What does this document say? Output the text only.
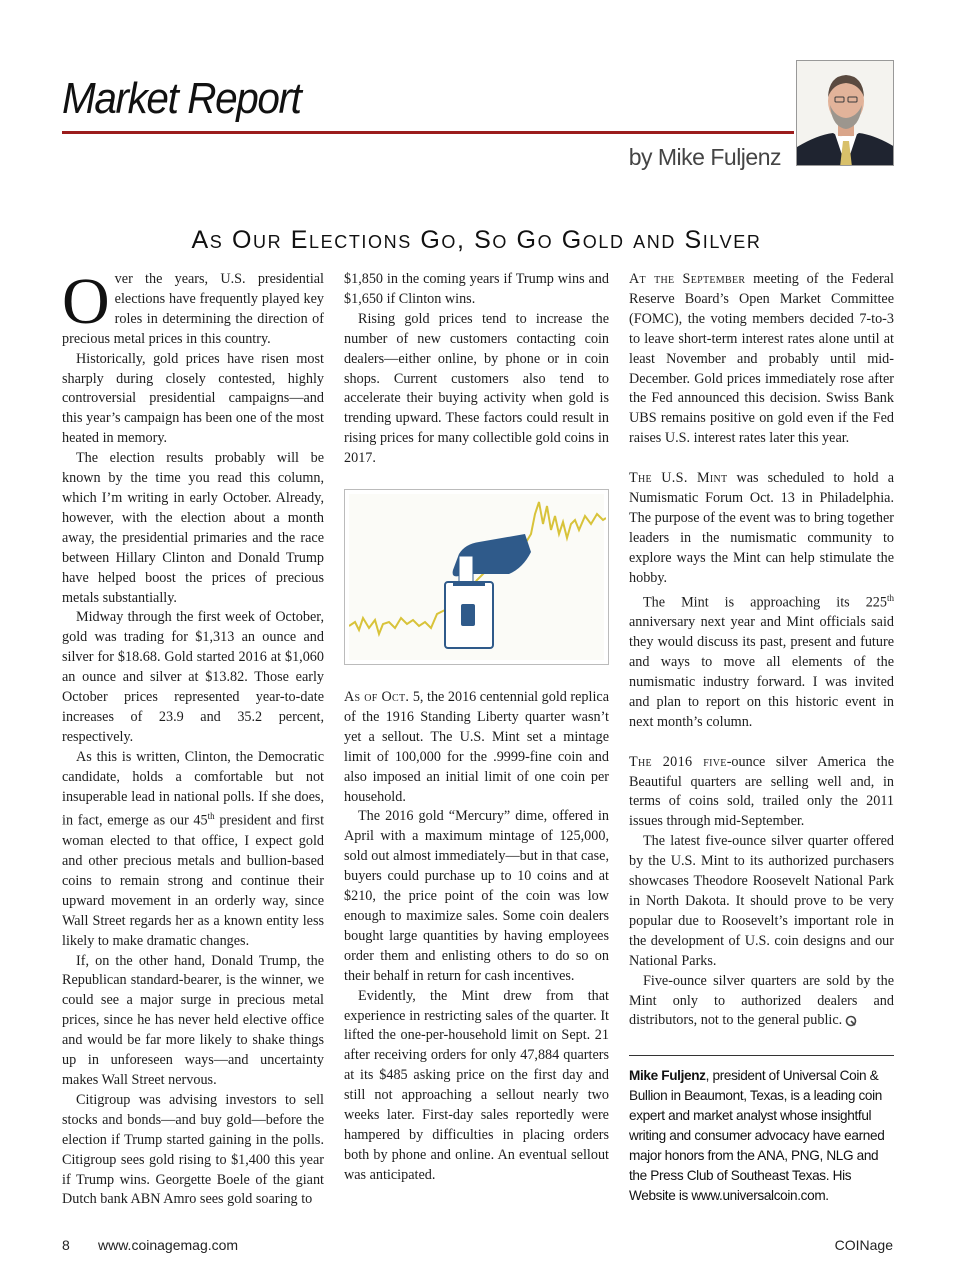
Market Report
by Mike Fuljenz
As Our Elections Go, So Go Gold and Silver

Over the years, U.S. presidential elections have frequently played key roles in determining the direction of precious metal prices in this country.

Historically, gold prices have risen most sharply during closely contested, highly controversial presidential campaigns—and this year’s campaign has been one of the most heated in memory.

The election results probably will be known by the time you read this column, which I’m writing in early October. Already, however, with the election about a month away, the presidential primaries and the race between Hillary Clinton and Donald Trump have helped boost the prices of precious metals substantially.

Midway through the first week of October, gold was trading for $1,313 an ounce and silver for $18.68. Gold started 2016 at $1,060 an ounce and silver at $13.82. Those early October prices represented year-to-date increases of 23.9 and 35.2 percent, respectively.

As this is written, Clinton, the Democratic candidate, holds a comfortable but not insuperable lead in national polls. If she does, in fact, emerge as our 45th president and first woman elected to that office, I expect gold and other precious metals and bullion-based coins to remain strong and continue their upward movement in an orderly way, since Wall Street regards her as a known entity less likely to make dramatic changes.

If, on the other hand, Donald Trump, the Republican standard-bearer, is the winner, we could see a major surge in precious metal prices, since he has never held elective office and would be far more likely to shake things up in unforeseen ways—and uncertainty makes Wall Street nervous.

Citigroup was advising investors to sell stocks and bonds—and buy gold—before the election if Trump started gaining in the polls. Citigroup sees gold rising to $1,400 this year if Trump wins. Georgette Boele of the giant Dutch bank ABN Amro sees gold soaring to

$1,850 in the coming years if Trump wins and $1,650 if Clinton wins.

Rising gold prices tend to increase the number of new customers contacting coin dealers—either online, by phone or in coin shops. Current customers also tend to accelerate their buying activity when gold is trending upward. These factors could result in rising prices for many collectible gold coins in 2017.

As of Oct. 5, the 2016 centennial gold replica of the 1916 Standing Liberty quarter wasn’t yet a sellout. The U.S. Mint set a mintage limit of 100,000 for the .9999-fine coin and also imposed an initial limit of one coin per household.

The 2016 gold “Mercury” dime, offered in April with a maximum mintage of 125,000, sold out almost immediately—but in that case, buyers could purchase up to 10 coins and at $210, the price point of the coin was low enough to maximize sales. Some coin dealers bought large quantities by having employees order them and enlisting others to do so on their behalf in return for cash incentives.

Evidently, the Mint drew from that experience in restricting sales of the quarter. It lifted the one-per-household limit on Sept. 21 after receiving orders for only 47,884 quarters at its $485 asking price on the first day and still not approaching a sellout nearly two weeks later. First-day sales reportedly were hampered by difficulties in placing orders both by phone and online. An eventual sellout was anticipated.

At the September meeting of the Federal Reserve Board’s Open Market Committee (FOMC), the voting members decided 7-to-3 to leave short-term interest rates alone until at least November and probably until mid-December. Gold prices immediately rose after the Fed announced this decision. Swiss Bank UBS remains positive on gold even if the Fed raises U.S. interest rates later this year.

The U.S. Mint was scheduled to hold a Numismatic Forum Oct. 13 in Philadelphia. The purpose of the event was to bring together leaders in the numismatic community to explore ways the Mint can help stimulate the hobby.

The Mint is approaching its 225th anniversary next year and Mint officials said they would discuss its past, present and future and ways to move all elements of the numismatic industry forward. I was invited and plan to report on this historic event in next month’s column.

The 2016 five-ounce silver America the Beautiful quarters are selling well and, in terms of coins sold, trailed only the 2011 issues through mid-September.

The latest five-ounce silver quarter offered by the U.S. Mint to its authorized purchasers showcases Theodore Roosevelt National Park in North Dakota. It should prove to be very popular due to Roosevelt’s important role in the development of U.S. coin designs and our National Parks.

Five-ounce silver quarters are sold by the Mint only to authorized dealers and distributors, not to the general public.

Mike Fuljenz, president of Universal Coin & Bullion in Beaumont, Texas, is a leading coin expert and market analyst whose insightful writing and consumer advocacy have earned major honors from the ANA, PNG, NLG and the Press Club of Southeast Texas. His Website is www.universalcoin.com.
8 www.coinagemag.com	COINage
